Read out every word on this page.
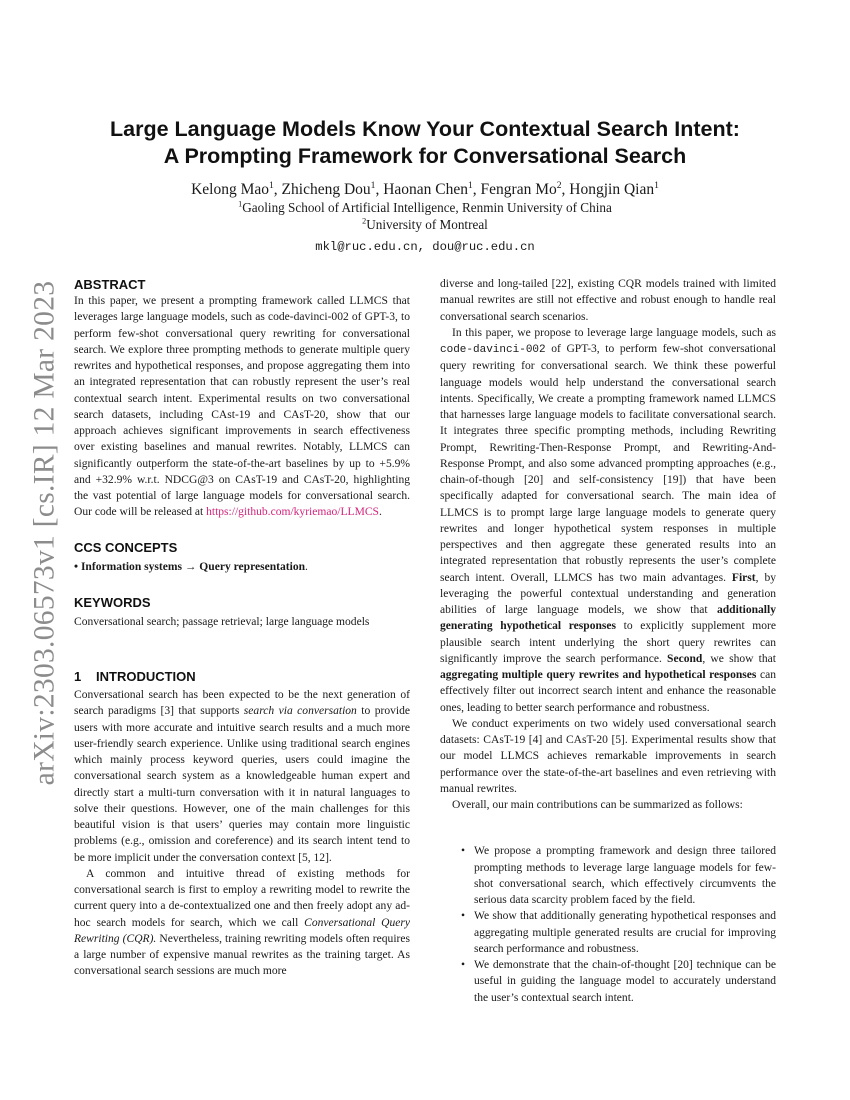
arXiv:2303.06573v1 [cs.IR] 12 Mar 2023
Large Language Models Know Your Contextual Search Intent:
A Prompting Framework for Conversational Search
Kelong Mao$^1$, Zhicheng Dou$^1$, Haonan Chen$^1$, Fengran Mo$^2$, Hongjin Qian$^1$
$^1$Gaoling School of Artificial Intelligence, Renmin University of China
$^2$University of Montreal
mkl@ruc.edu.cn, dou@ruc.edu.cn
ABSTRACT

In this paper, we present a prompting framework called LLMCS that leverages large language models, such as code-davinci-002 of GPT-3, to perform few-shot conversational query rewriting for conversational search. We explore three prompting methods to generate multiple query rewrites and hypothetical responses, and propose aggregating them into an integrated representation that can robustly represent the user’s real contextual search intent. Experimental results on two conversational search datasets, including CAst-19 and CAsT-20, show that our approach achieves significant improvements in search effectiveness over existing baselines and manual rewrites. Notably, LLMCS can significantly outperform the state-of-the-art baselines by up to +5.9% and +32.9% w.r.t. NDCG@3 on CAsT-19 and CAsT-20, highlighting the vast potential of large language models for conversational search. Our code will be released at https://github.com/kyriemao/LLMCS.

CCS CONCEPTS

• Information systems → Query representation.

KEYWORDS

Conversational search; passage retrieval; large language models

1 INTRODUCTION

Conversational search has been expected to be the next generation of search paradigms [3] that supports search via conversation to provide users with more accurate and intuitive search results and a much more user-friendly search experience. Unlike using traditional search engines which mainly process keyword queries, users could imagine the conversational search system as a knowledgeable human expert and directly start a multi-turn conversation with it in natural languages to solve their questions. However, one of the main challenges for this beautiful vision is that users’ queries may contain more linguistic problems (e.g., omission and coreference) and its search intent tend to be more implicit under the conversation context [5, 12].

A common and intuitive thread of existing methods for conversational search is first to employ a rewriting model to rewrite the current query into a de-contextualized one and then freely adopt any ad-hoc search models for search, which we call Conversational Query Rewriting (CQR). Nevertheless, training rewriting models often requires a large number of expensive manual rewrites as the training target. As conversational search sessions are much more

diverse and long-tailed [22], existing CQR models trained with limited manual rewrites are still not effective and robust enough to handle real conversational search scenarios.

In this paper, we propose to leverage large language models, such as code-davinci-002 of GPT-3, to perform few-shot conversational query rewriting for conversational search. We think these powerful language models would help understand the conversational search intents. Specifically, We create a prompting framework named LLMCS that harnesses large language models to facilitate conversational search. It integrates three specific prompting methods, including Rewriting Prompt, Rewriting-Then-Response Prompt, and Rewriting-And-Response Prompt, and also some advanced prompting approaches (e.g., chain-of-though [20] and self-consistency [19]) that have been specifically adapted for conversational search. The main idea of LLMCS is to prompt large large language models to generate query rewrites and longer hypothetical system responses in multiple perspectives and then aggregate these generated results into an integrated representation that robustly represents the user’s complete search intent. Overall, LLMCS has two main advantages. First, by leveraging the powerful contextual understanding and generation abilities of large language models, we show that additionally generating hypothetical responses to explicitly supplement more plausible search intent underlying the short query rewrites can significantly improve the search performance. Second, we show that aggregating multiple query rewrites and hypothetical responses can effectively filter out incorrect search intent and enhance the reasonable ones, leading to better search performance and robustness.

We conduct experiments on two widely used conversational search datasets: CAsT-19 [4] and CAsT-20 [5]. Experimental results show that our model LLMCS achieves remarkable improvements in search performance over the state-of-the-art baselines and even retrieving with manual rewrites.

Overall, our main contributions can be summarized as follows:

• We propose a prompting framework and design three tailored prompting methods to leverage large language models for few-shot conversational search, which effectively circumvents the serious data scarcity problem faced by the field.
• We show that additionally generating hypothetical responses and aggregating multiple generated results are crucial for improving search performance and robustness.
• We demonstrate that the chain-of-thought [20] technique can be useful in guiding the language model to accurately understand the user’s contextual search intent.
